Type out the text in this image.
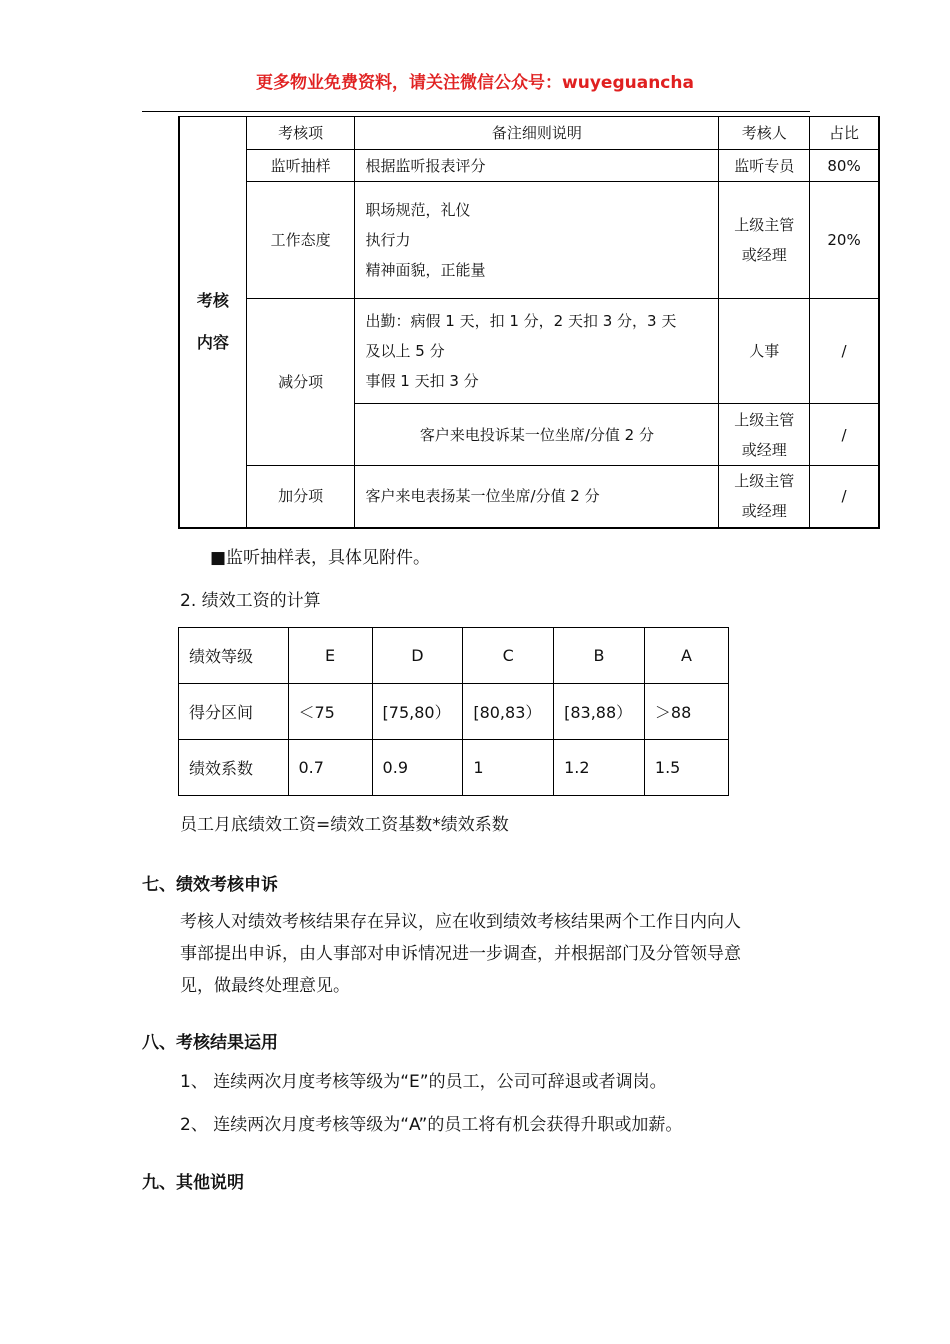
更多物业免费资料，请关注微信公众号：wuyeguancha
考核
内容	考核项	备注细则说明	考核人	占比
	监听抽样	根据监听报表评分	监听专员	80%
	工作态度	职场规范，礼仪
执行力
精神面貌，正能量	上级主管
或经理	20%
	减分项	出勤：病假 1 天，扣 1 分，2 天扣 3 分，3 天
及以上 5 分
事假 1 天扣 3 分	人事	/
		客户来电投诉某一位坐席/分值 2 分	上级主管
或经理	/
	加分项	客户来电表扬某一位坐席/分值 2 分	上级主管
或经理	/
■监听抽样表，具体见附件。
2. 绩效工资的计算
绩效等级	E	D	C	B	A
得分区间	＜75	[75,80）	[80,83）	[83,88）	＞88
绩效系数	0.7	0.9	1	1.2	1.5
员工月底绩效工资=绩效工资基数*绩效系数
七、绩效考核申诉
考核人对绩效考核结果存在异议，应在收到绩效考核结果两个工作日内向人
事部提出申诉，由人事部对申诉情况进一步调查，并根据部门及分管领导意
见，做最终处理意见。
八、考核结果运用
1、 连续两次月度考核等级为“E”的员工，公司可辞退或者调岗。
2、 连续两次月度考核等级为“A”的员工将有机会获得升职或加薪。
九、其他说明
